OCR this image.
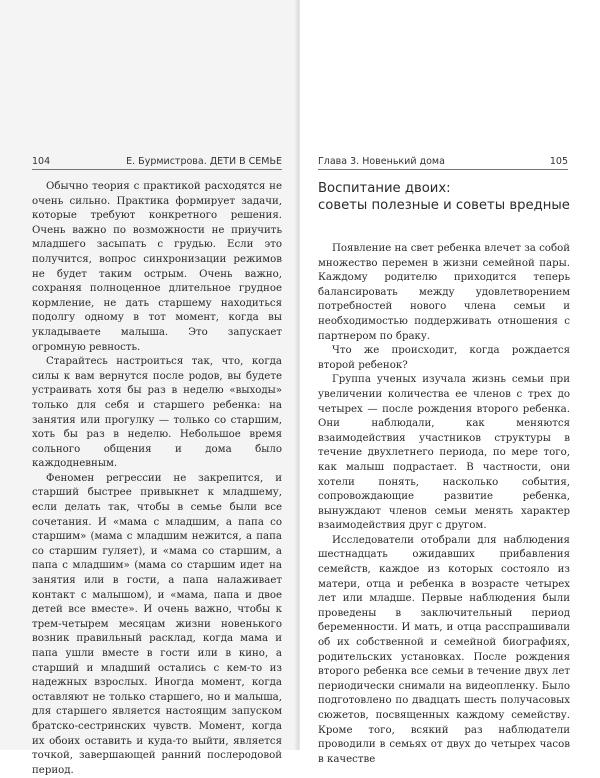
104	Е. Бурмистрова. ДЕТИ В СЕМЬЕ

Обычно теория с практикой расходятся не очень сильно. Практика формирует задачи, которые требуют конкретного решения. Очень важно по возможности не приучить младшего засыпать с грудью. Если это получится, вопрос синхронизации режимов не будет таким острым. Очень важно, сохраняя полноценное длительное грудное кормление, не дать старшему находиться подолгу одному в тот момент, когда вы укладываете малыша. Это запускает огромную ревность.

Старайтесь настроиться так, что, когда силы к вам вернутся после родов, вы будете устраивать хотя бы раз в неделю «выходы» только для себя и старшего ребенка: на занятия или прогулку — только со старшим, хоть бы раз в неделю. Небольшое время сольного общения и дома было каждодневным.

Феномен регрессии не закрепится, и старший быстрее привыкнет к младшему, если делать так, чтобы в семье были все сочетания. И «мама с младшим, а папа со старшим» (мама с младшим нежится, а папа со старшим гуляет), и «мама со старшим, а папа с младшим» (мама со старшим идет на занятия или в гости, а папа налаживает контакт с малышом), и «мама, папа и двое детей все вместе». И очень важно, чтобы к трем-четырем месяцам жизни новенького возник правильный расклад, когда мама и папа ушли вместе в гости или в кино, а старший и младший остались с кем-то из надежных взрослых. Иногда момент, когда оставляют не только старшего, но и малыша, для старшего является настоящим запуском братско-сестринских чувств. Момент, когда их обоих оставить и куда-то выйти, является точкой, завершающей ранний послеродовой период.

Глава 3. Новенький дома	105
Воспитание двоих:
советы полезные и советы вредные

Появление на свет ребенка влечет за собой множество перемен в жизни семейной пары. Каждому родителю приходится теперь балансировать между удовлетворением потребностей нового члена семьи и необходимостью поддерживать отношения с партнером по браку.

Что же происходит, когда рождается второй ребенок?

Группа ученых изучала жизнь семьи при увеличении количества ее членов с трех до четырех — после рождения второго ребенка. Они наблюдали, как меняются взаимодействия участников структуры в течение двухлетнего периода, по мере того, как малыш подрастает. В частности, они хотели понять, насколько события, сопровождающие развитие ребенка, вынуждают членов семьи менять характер взаимодействия друг с другом.

Исследователи отобрали для наблюдения шестнадцать ожидавших прибавления семейств, каждое из которых состояло из матери, отца и ребенка в возрасте четырех лет или младше. Первые наблюдения были проведены в заключительный период беременности. И мать, и отца расспрашивали об их собственной и семейной биографиях, родительских установках. После рождения второго ребенка все семьи в течение двух лет периодически снимали на видеопленку. Было подготовлено по двадцать шесть получасовых сюжетов, посвященных каждому семейству. Кроме того, всякий раз наблюдатели проводили в семьях от двух до четырех часов в качестве
